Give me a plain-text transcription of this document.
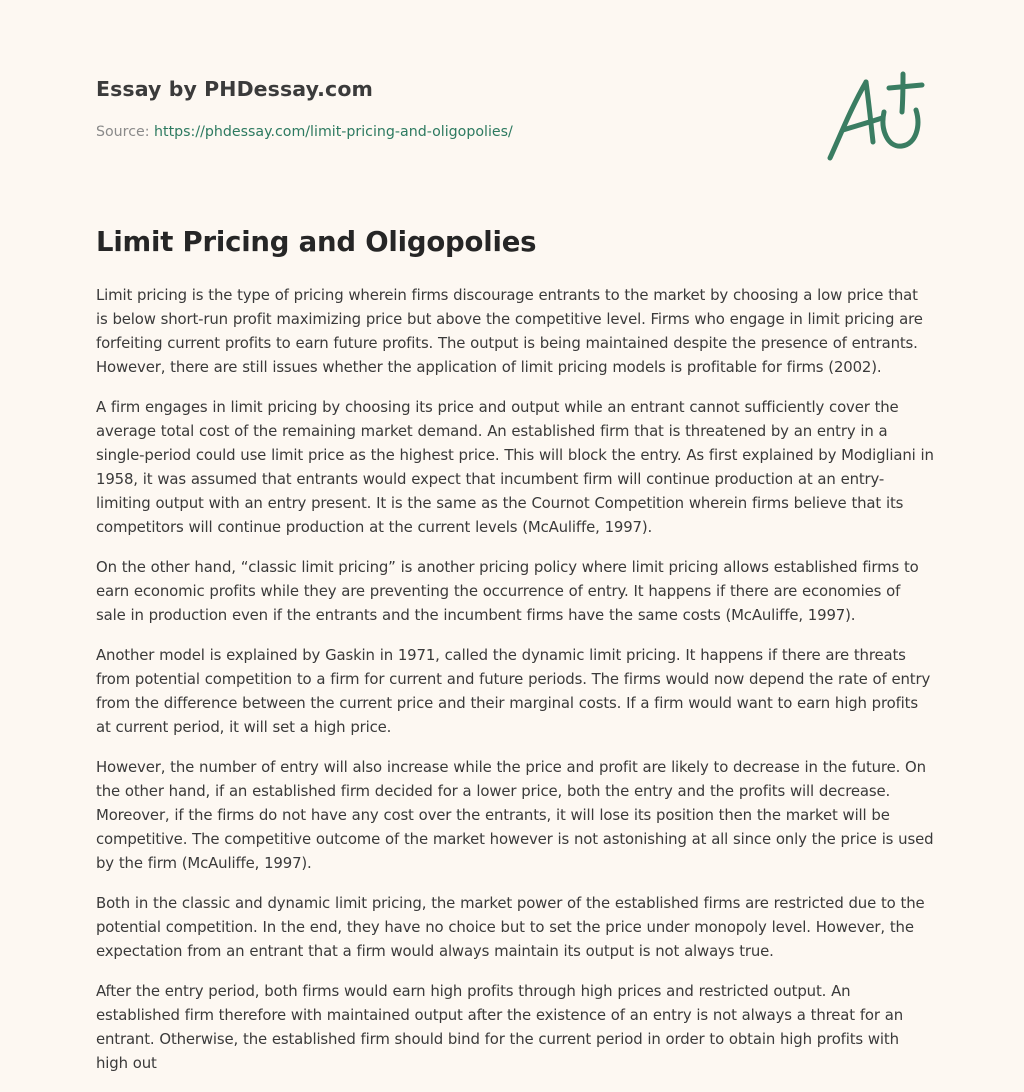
Essay by PHDessay.com
Source: https://phdessay.com/limit-pricing-and-oligopolies/
Limit Pricing and Oligopolies

Limit pricing is the type of pricing wherein firms discourage entrants to the market by choosing a low price that is below short-run profit maximizing price but above the competitive level. Firms who engage in limit pricing are forfeiting current profits to earn future profits. The output is being maintained despite the presence of entrants. However, there are still issues whether the application of limit pricing models is profitable for firms (2002).

A firm engages in limit pricing by choosing its price and output while an entrant cannot sufficiently cover the average total cost of the remaining market demand. An established firm that is threatened by an entry in a single-period could use limit price as the highest price. This will block the entry. As first explained by Modigliani in 1958, it was assumed that entrants would expect that incumbent firm will continue production at an entry-limiting output with an entry present. It is the same as the Cournot Competition wherein firms believe that its competitors will continue production at the current levels (McAuliffe, 1997).

On the other hand, “classic limit pricing” is another pricing policy where limit pricing allows established firms to earn economic profits while they are preventing the occurrence of entry. It happens if there are economies of sale in production even if the entrants and the incumbent firms have the same costs (McAuliffe, 1997).

Another model is explained by Gaskin in 1971, called the dynamic limit pricing. It happens if there are threats from potential competition to a firm for current and future periods. The firms would now depend the rate of entry from the difference between the current price and their marginal costs. If a firm would want to earn high profits at current period, it will set a high price.

However, the number of entry will also increase while the price and profit are likely to decrease in the future. On the other hand, if an established firm decided for a lower price, both the entry and the profits will decrease. Moreover, if the firms do not have any cost over the entrants, it will lose its position then the market will be competitive. The competitive outcome of the market however is not astonishing at all since only the price is used by the firm (McAuliffe, 1997).

Both in the classic and dynamic limit pricing, the market power of the established firms are restricted due to the potential competition. In the end, they have no choice but to set the price under monopoly level. However, the expectation from an entrant that a firm would always maintain its output is not always true.

After the entry period, both firms would earn high profits through high prices and restricted output. An established firm therefore with maintained output after the existence of an entry is not always a threat for an entrant. Otherwise, the established firm should bind for the current period in order to obtain high profits with high out
